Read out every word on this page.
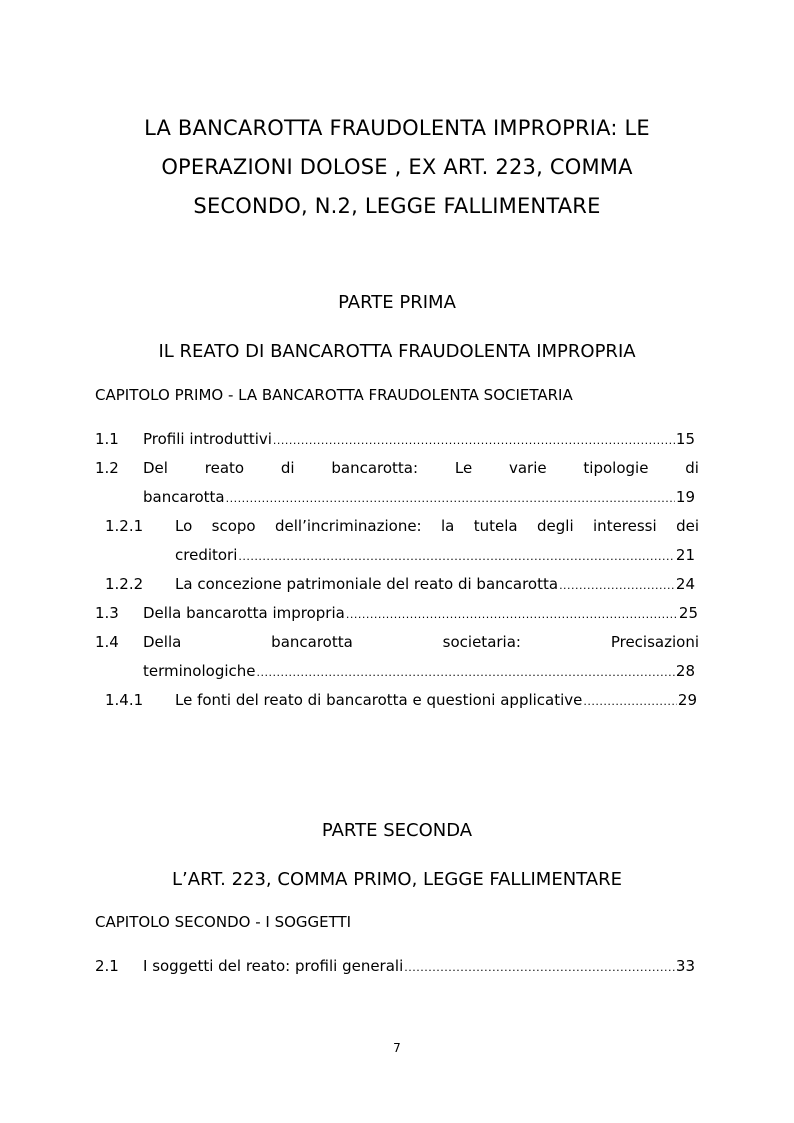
LA BANCAROTTA FRAUDOLENTA IMPROPRIA: LE
OPERAZIONI DOLOSE , EX ART. 223, COMMA
SECONDO, N.2, LEGGE FALLIMENTARE
PARTE PRIMA
IL REATO DI BANCAROTTA FRAUDOLENTA IMPROPRIA
CAPITOLO PRIMO - LA BANCAROTTA FRAUDOLENTA SOCIETARIA
1.1 Profili introduttivi .....	15
1.2 Del reato di bancarotta: Le varie tipologie di
bancarotta .....	19
1.2.1 Lo scopo dell’incriminazione: la tutela degli interessi dei
creditori .....	21
1.2.2 La concezione patrimoniale del reato di bancarotta .....	24
1.3 Della bancarotta impropria .....	25
1.4 Della	bancarotta	societaria:	Precisazioni
terminologiche .....	28
1.4.1 Le fonti del reato di bancarotta e questioni applicative .....	29
PARTE SECONDA
L’ART. 223, COMMA PRIMO, LEGGE FALLIMENTARE
CAPITOLO SECONDO - I SOGGETTI
2.1 I soggetti del reato: profili generali .....	33
7
